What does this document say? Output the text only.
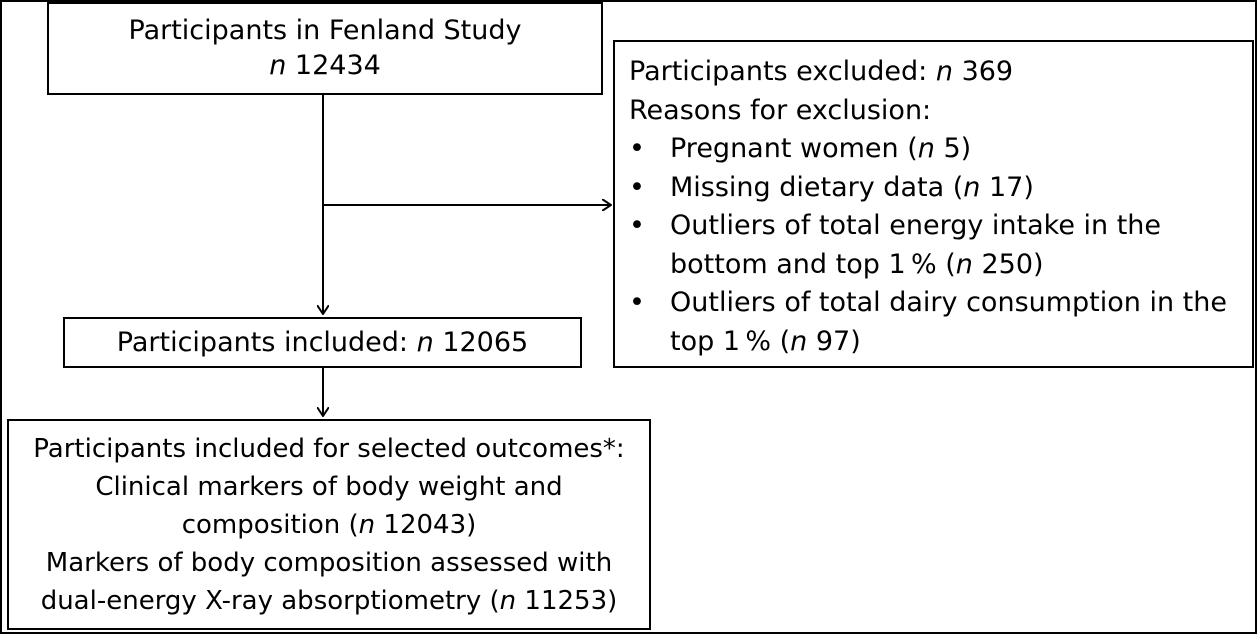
Participants in Fenland Study
n 12434	Participants excluded: n 369
Reasons for exclusion:
• Pregnant women (n 5)
• Missing dietary data (n 17)
• Outliers of total energy intake in the
bottom and top 1 % (n 250)
• Outliers of total dairy consumption in the
top 1 % (n 97)
Participants included: n 12065
Participants included for selected outcomes*:
Clinical markers of body weight and
composition (n 12043)
Markers of body composition assessed with
dual-energy X-ray absorptiometry (n 11253)
